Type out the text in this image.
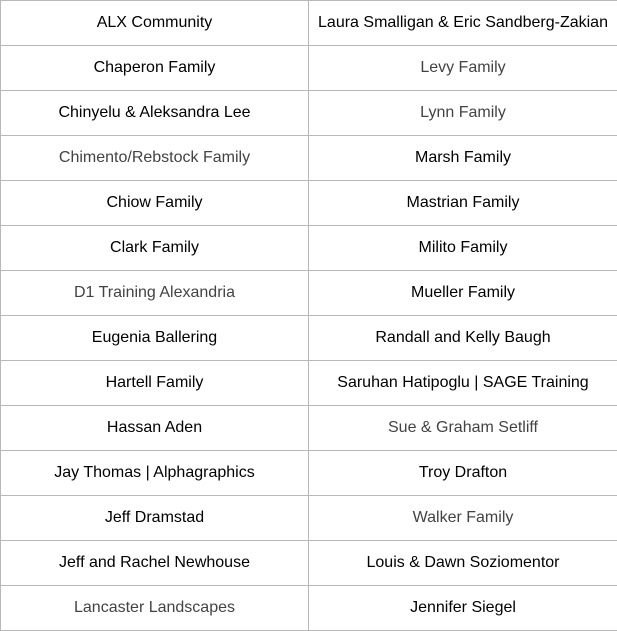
ALX Community	Laura Smalligan & Eric Sandberg-Zakian
Chaperon Family	Levy Family
Chinyelu & Aleksandra Lee	Lynn Family
Chimento/Rebstock Family	Marsh Family
Chiow Family	Mastrian Family
Clark Family	Milito Family
D1 Training Alexandria	Mueller Family
Eugenia Ballering	Randall and Kelly Baugh
Hartell Family	Saruhan Hatipoglu | SAGE Training
Hassan Aden	Sue & Graham Setliff
Jay Thomas | Alphagraphics	Troy Drafton
Jeff Dramstad	Walker Family
Jeff and Rachel Newhouse	Louis & Dawn Soziomentor
Lancaster Landscapes	Jennifer Siegel
